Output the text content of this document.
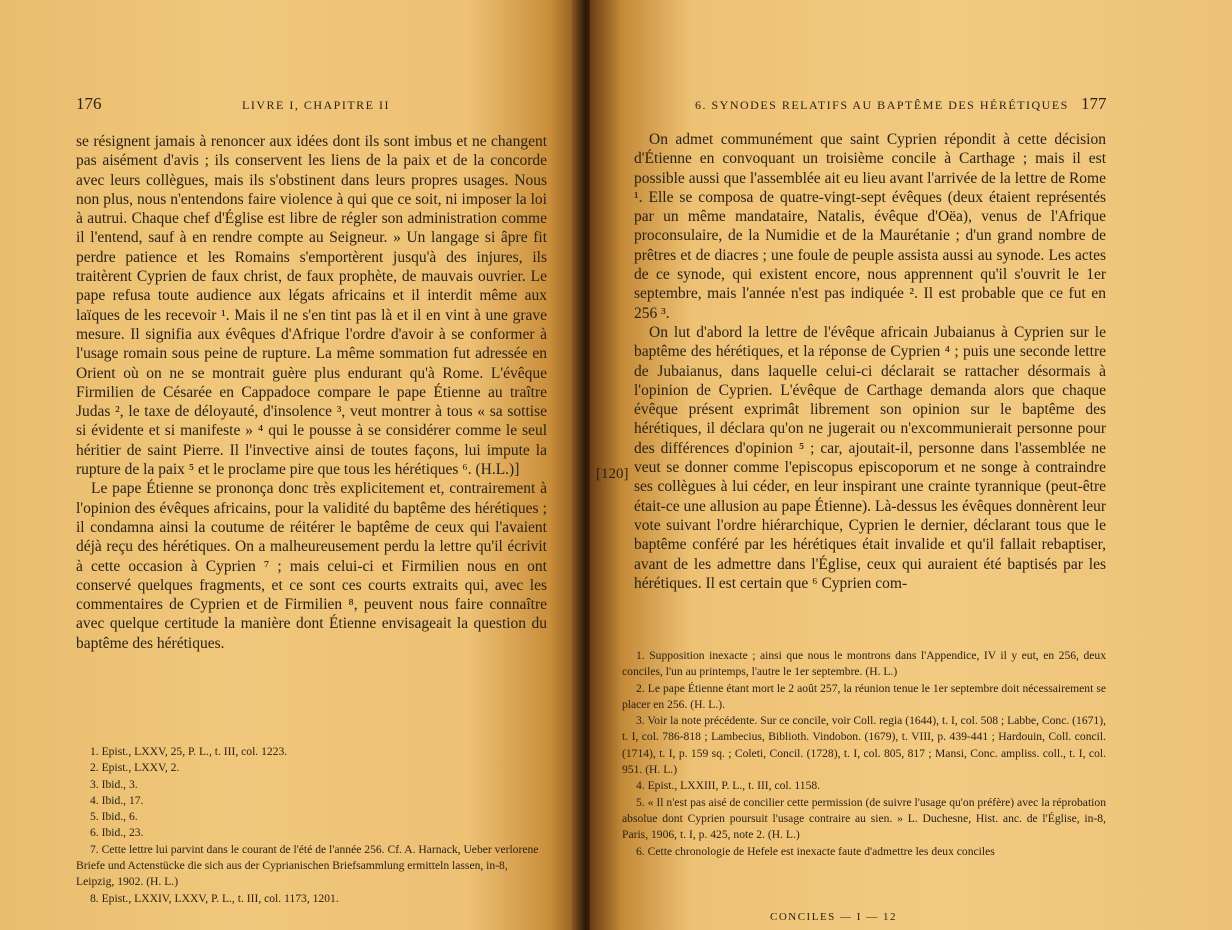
176	LIVRE I, CHAPITRE II

se résignent jamais à renoncer aux idées dont ils sont imbus et ne changent pas aisément d'avis ; ils conservent les liens de la paix et de la concorde avec leurs collègues, mais ils s'obstinent dans leurs propres usages. Nous non plus, nous n'entendons faire violence à qui que ce soit, ni imposer la loi à autrui. Chaque chef d'Église est libre de régler son administration comme il l'entend, sauf à en rendre compte au Seigneur. » Un langage si âpre fit perdre patience et les Romains s'emportèrent jusqu'à des injures, ils traitèrent Cyprien de faux christ, de faux prophète, de mauvais ouvrier. Le pape refusa toute audience aux légats africains et il interdit même aux laïques de les recevoir ¹. Mais il ne s'en tint pas là et il en vint à une grave mesure. Il signifia aux évêques d'Afrique l'ordre d'avoir à se conformer à l'usage romain sous peine de rupture. La même sommation fut adressée en Orient où on ne se montrait guère plus endurant qu'à Rome. L'évêque Firmilien de Césarée en Cappadoce compare le pape Étienne au traître Judas ², le taxe de déloyauté, d'insolence ³, veut montrer à tous « sa sottise si évidente et si manifeste » ⁴ qui le pousse à se considérer comme le seul héritier de saint Pierre. Il l'invective ainsi de toutes façons, lui impute la rupture de la paix ⁵ et le proclame pire que tous les hérétiques ⁶. (H.L.)]

Le pape Étienne se prononça donc très explicitement et, contrairement à l'opinion des évêques africains, pour la validité du baptême des hérétiques ; il condamna ainsi la coutume de réitérer le baptême de ceux qui l'avaient déjà reçu des hérétiques. On a malheureusement perdu la lettre qu'il écrivit à cette occasion à Cyprien ⁷ ; mais celui-ci et Firmilien nous en ont conservé quelques fragments, et ce sont ces courts extraits qui, avec les commentaires de Cyprien et de Firmilien ⁸, peuvent nous faire connaître avec quelque certitude la manière dont Étienne envisageait la question du baptême des hérétiques.

1. Epist., LXXV, 25, P. L., t. III, col. 1223.

2. Epist., LXXV, 2.

3. Ibid., 3.

4. Ibid., 17.

5. Ibid., 6.

6. Ibid., 23.

7. Cette lettre lui parvint dans le courant de l'été de l'année 256. Cf. A. Harnack, Ueber verlorene Briefe und Actenstücke die sich aus der Cyprianischen Briefsammlung ermitteln lassen, in-8, Leipzig, 1902. (H. L.)

8. Epist., LXXIV, LXXV, P. L., t. III, col. 1173, 1201.

6. SYNODES RELATIFS AU BAPTÊME DES HÉRÉTIQUES 177
[120]

On admet communément que saint Cyprien répondit à cette décision d'Étienne en convoquant un troisième concile à Carthage ; mais il est possible aussi que l'assemblée ait eu lieu avant l'arrivée de la lettre de Rome ¹. Elle se composa de quatre-vingt-sept évêques (deux étaient représentés par un même mandataire, Natalis, évêque d'Oëa), venus de l'Afrique proconsulaire, de la Numidie et de la Maurétanie ; d'un grand nombre de prêtres et de diacres ; une foule de peuple assista aussi au synode. Les actes de ce synode, qui existent encore, nous apprennent qu'il s'ouvrit le 1er septembre, mais l'année n'est pas indiquée ². Il est probable que ce fut en 256 ³.

On lut d'abord la lettre de l'évêque africain Jubaianus à Cyprien sur le baptême des hérétiques, et la réponse de Cyprien ⁴ ; puis une seconde lettre de Jubaianus, dans laquelle celui-ci déclarait se rattacher désormais à l'opinion de Cyprien. L'évêque de Carthage demanda alors que chaque évêque présent exprimât librement son opinion sur le baptême des hérétiques, il déclara qu'on ne jugerait ou n'excommunierait personne pour des différences d'opinion ⁵ ; car, ajoutait-il, personne dans l'assemblée ne veut se donner comme l'episcopus episcoporum et ne songe à contraindre ses collègues à lui céder, en leur inspirant une crainte tyrannique (peut-être était-ce une allusion au pape Étienne). Là-dessus les évêques donnèrent leur vote suivant l'ordre hiérarchique, Cyprien le dernier, déclarant tous que le baptême conféré par les hérétiques était invalide et qu'il fallait rebaptiser, avant de les admettre dans l'Église, ceux qui auraient été baptisés par les hérétiques. Il est certain que ⁶ Cyprien com-

1. Supposition inexacte ; ainsi que nous le montrons dans l'Appendice, IV il y eut, en 256, deux conciles, l'un au printemps, l'autre le 1er septembre. (H. L.)

2. Le pape Étienne étant mort le 2 août 257, la réunion tenue le 1er septembre doit nécessairement se placer en 256. (H. L.).

3. Voir la note précédente. Sur ce concile, voir Coll. regia (1644), t. I, col. 508 ; Labbe, Conc. (1671), t. I, col. 786-818 ; Lambecius, Biblioth. Vindobon. (1679), t. VIII, p. 439-441 ; Hardouin, Coll. concil. (1714), t. I, p. 159 sq. ; Coleti, Concil. (1728), t. I, col. 805, 817 ; Mansi, Conc. ampliss. coll., t. I, col. 951. (H. L.)

4. Epist., LXXIII, P. L., t. III, col. 1158.

5. « Il n'est pas aisé de concilier cette permission (de suivre l'usage qu'on préfère) avec la réprobation absolue dont Cyprien poursuit l'usage contraire au sien. » L. Duchesne, Hist. anc. de l'Église, in-8, Paris, 1906, t. I, p. 425, note 2. (H. L.)

6. Cette chronologie de Hefele est inexacte faute d'admettre les deux conciles

CONCILES — I — 12
